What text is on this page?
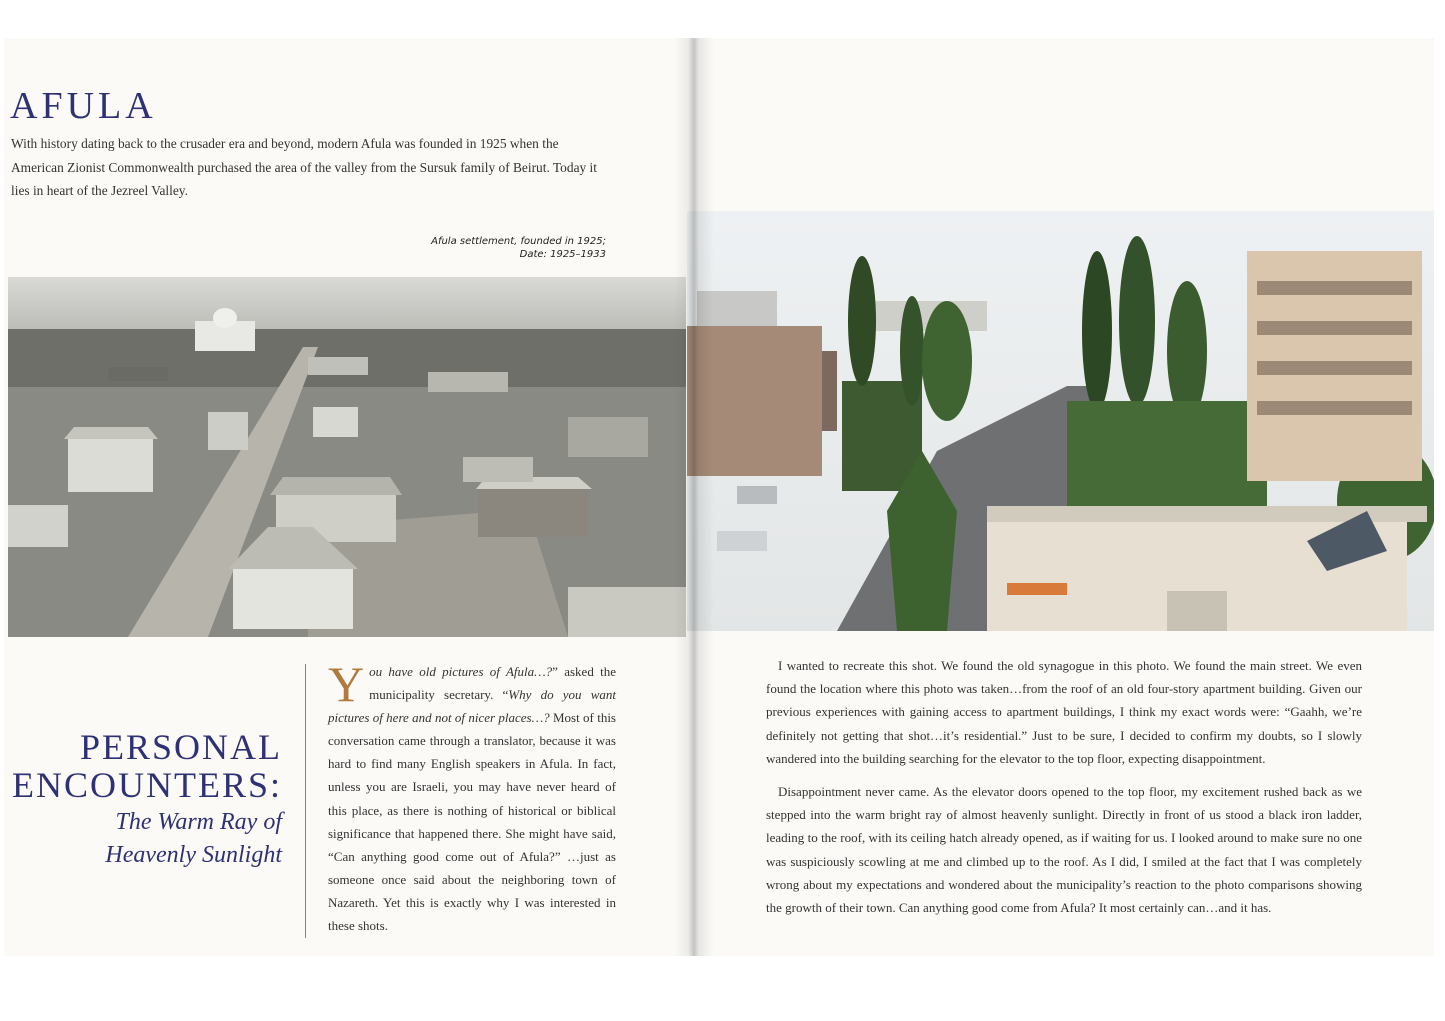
AFULA

With history dating back to the crusader era and beyond, modern Afula was founded in 1925 when the American Zionist Commonwealth purchased the area of the valley from the Sursuk family of Beirut. Today it lies in heart of the Jezreel Valley.

Afula settlement, founded in 1925;
Date: 1925–1933
PERSONAL
ENCOUNTERS:
The Warm Ray of
Heavenly Sunlight

You have old pictures of Afula…?” asked the municipality secretary. “Why do you want pictures of here and not of nicer places…? Most of this conversation came through a translator, because it was hard to find many English speakers in Afula. In fact, unless you are Israeli, you may have never heard of this place, as there is nothing of historical or biblical significance that happened there. She might have said, “Can anything good come out of Afula?” …just as someone once said about the neighboring town of Nazareth. Yet this is exactly why I was interested in these shots.

I wanted to recreate this shot. We found the old synagogue in this photo. We found the main street. We even found the location where this photo was taken…from the roof of an old four-story apartment building. Given our previous experiences with gaining access to apartment buildings, I think my exact words were: “Gaahh, we’re definitely not getting that shot…it’s residential.” Just to be sure, I decided to confirm my doubts, so I slowly wandered into the building searching for the elevator to the top floor, expecting disappointment.

Disappointment never came. As the elevator doors opened to the top floor, my excitement rushed back as we stepped into the warm bright ray of almost heavenly sunlight. Directly in front of us stood a black iron ladder, leading to the roof, with its ceiling hatch already opened, as if waiting for us. I looked around to make sure no one was suspiciously scowling at me and climbed up to the roof. As I did, I smiled at the fact that I was completely wrong about my expectations and wondered about the municipality’s reaction to the photo comparisons showing the growth of their town. Can anything good come from Afula? It most certainly can…and it has.
